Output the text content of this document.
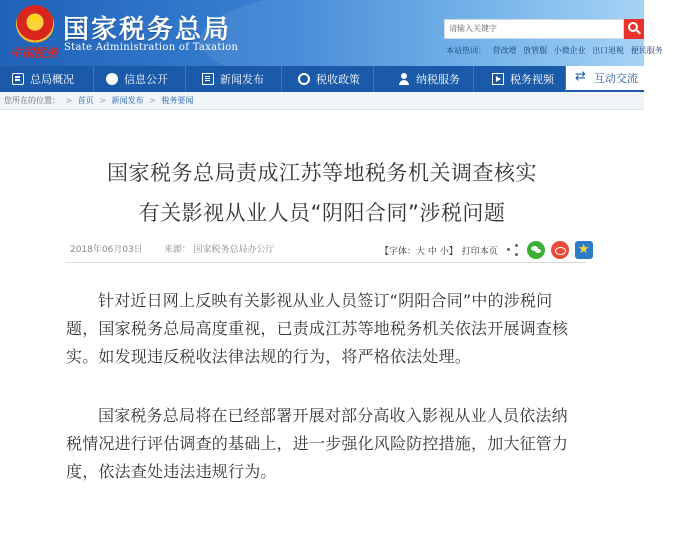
★
中国税务
国家税务总局
State Administration of Taxation
请输入关键字
本站热词： 营改增 放管服 小微企业 出口退税 便民服务
总局概况	信息公开	新闻发布	税收政策	纳税服务	税务视频
⇄	互动交流
您所在的位置： > 首页 > 新闻发布 > 税务要闻
国家税务总局责成江苏等地税务机关调查核实
有关影视从业人员“阴阳合同”涉税问题
2018年06月03日 来源： 国家税务总局办公厅	【字体：大 中 小】 打印本页	★
针对近日网上反映有关影视从业人员签订“阴阳合同”中的涉税问
题，国家税务总局高度重视，已责成江苏等地税务机关依法开展调查核
实。如发现违反税收法律法规的行为，将严格依法处理。
国家税务总局将在已经部署开展对部分高收入影视从业人员依法纳
税情况进行评估调查的基础上，进一步强化风险防控措施，加大征管力
度，依法查处违法违规行为。
